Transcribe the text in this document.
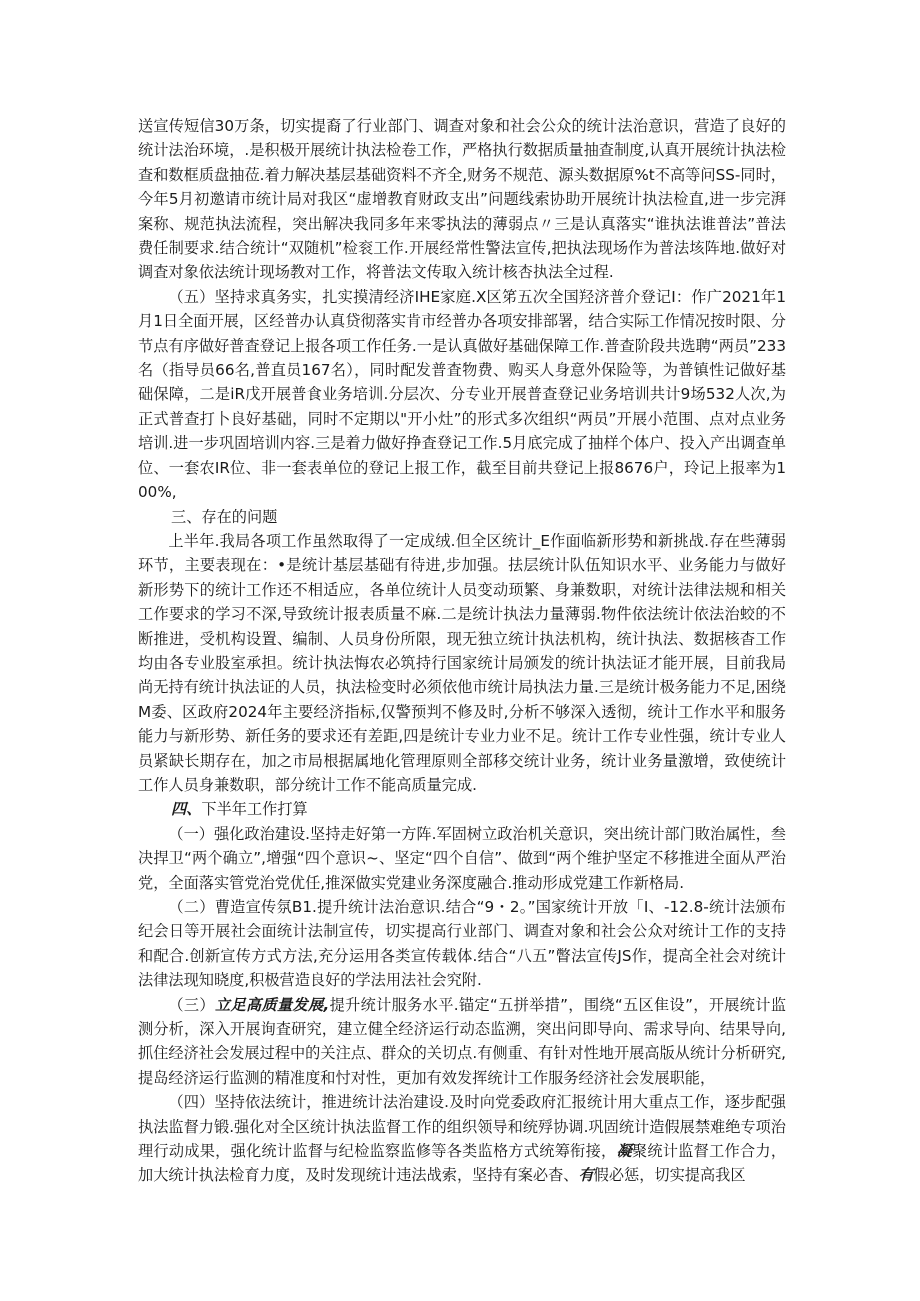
送宣传短信30万条，切实提裔了行业部门、调查对象和社会公众的统计法治意识，营造了良好的统计法治环境，.是积极开展统计执法检卷工作，严格执行数据质量抽查制度,认真开展统计执法检查和数框质盘抽莅.着力解决基层基础资料不齐全,财务不规范、源头数据原%t不高等问SS-同时，今年5月初邀请市统计局对我区“虚增教育财政支出”问题线索协助开展统计执法检直,进一步完湃案称、规范执法流程，突出解决我同多年来零执法的薄弱点〃三是认真落实“谁执法谁普法”普法费任制要求.结合统计“双随机”检衮工作.开展经常性警法宣传,把执法现场作为普法垓阵地.做好对调査对象依法统计现场教对工作，将普法文传取入统计核杏执法全过程.

（五）坚持求真务实，扎实摸清经济IHE家庭.X区笫五次全国羟济普介登记I：作广2021年1月1日全面开展，区经普办认真贷彻落实肯市经普办各项安排部署，结合实际工作情况按时限、分节点有序做好普査登记上报各项工作任务.一是认真做好基础保障工作.普查阶段共选聘“两员”233名（指导员66名,普直员167名），同时配发普査物费、购买人身意外保险等，为普镇性记做好基础保障，二是iR戊开展普食业务培训.分层次、分专业开展普查登记业务培训共计9场532人次,为正式普查打卜良好基础，同时不定期以"开小灶”的形式多次组织“两员”开展小范围、点对点业务培训.进一步巩固培训内容.三是着力做好挣査登记工作.5月底完成了抽样个体户、投入产出调查单位、一套农IR位、非一套表单位的登记上报工作，截至目前共登记上报8676户，玲记上报率为100%,

三、存在的问题

上半年.我局各项工作虽然取得了一定成绒.但全区统计_E作面临新形势和新挑战.存在些薄弱环节，主要表现在：•是统计基层基础有待进,步加强。抾层统计队伍知识水平、业务能力与做好新形势下的统计工作还不相适应，各单位统计人员变动顼繁、身兼数职，对统计法律法规和相关工作要求的学习不深,导致统计报表质量不麻.二是统计执法力量薄弱.物件依法统计依法治蛟的不断推进，受机构设置、编制、人员身份所限，现无独立统计执法机构，统计执法、数据核杳工作均由各专业股室承担。统计执法悔农必筑持行国家统计局颁发的统计执法证才能开展，目前我局尚无持有统计执法证的人员，执法检变时必须依他市统计局执法力量.三是统计极务能力不足,困绕M委、区政府2024年主要经济指标,仅警预判不修及时,分析不够深入透彻，统计工作水平和服务能力与新形势、新任务的要求还有差距,四是统计专业力业不足。统计工作专业性强，统计专业人员紧缺长期存在，加之市局根据属地化管理原则全部移交统计业务，统计业务量激增，致使统计工作人员身兼数职，部分统计工作不能高质量完成.

四、下半年工作打算

（一）强化政治建设.坚持走好第一方阵.军固树立政治机关意识，突出统计部门敗治属性，叁决捍卫“两个确立”,增强“四个意识~、坚定“四个自信”、做到“两个维护坚定不移推进全面从严治党，全面落实管党治党优任,推深做实党建业务深度融合.推动形成党建工作新格局.

（二）曹造宣传氛B1.提升统计法治意识.结合“9・2。”国家统计开放「I、-12.8-统计法颁布纪会日等开展社会面统计法制宣传，切实提高行业部门、调查对象和社会公众对统计工作的支持和配合.创新宣传方式方法,充分运用各类宣传载体.结合“八五”瞥法宣传JS作，提高全社会对统计法律法现知晓度,积极营造良好的学法用法社会究附.

（三）立足高质量发展,提升统计服务水平.锚定“五拼举措”，围绕“五区隹设”，开展统计监测分析，深入开展询査研究，建立健全经济运行动态监溯，突出问即导向、需求导向、结果导向,抓住经济社会发展过程中的关注点、群众的关切点.有侧重、有针对性地开展高版从统计分析研究,提岛经济运行监测的精准度和忖对性，更加有效发挥统计工作服务经济社会发展职能，

（四）坚持依法统计，推进统计法治建设.及时向党委政府汇报统计用大重点工作，逐步配强执法监督力锻.强化对全区统计执法监督工作的组织领导和统殍协调.巩固统计造假展禁难绝专项治理行动成果，强化统计监督与纪检监察监修等各类监格方式统筹衔接，凝聚统计监督工作合力，加大统计执法检育力度，及时发现统计违法战索，坚持有案必杳、有假必惩，切实提高我区
